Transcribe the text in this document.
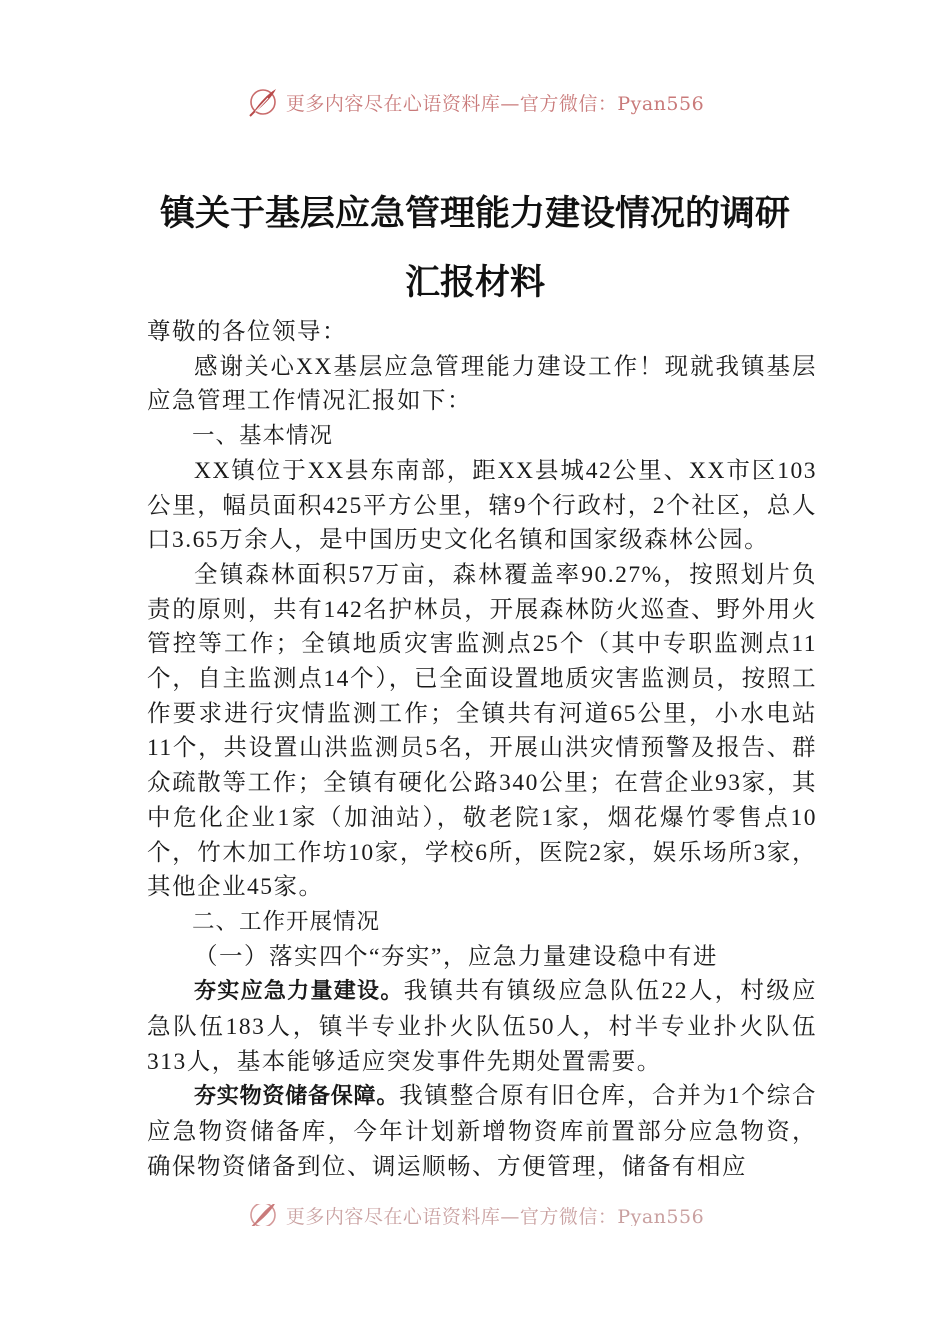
更多内容尽在心语资料库—官方微信：Pyan556
镇关于基层应急管理能力建设情况的调研
汇报材料

尊敬的各位领导：

感谢关心XX基层应急管理能力建设工作！现就我镇基层应急管理工作情况汇报如下：

一、基本情况

XX镇位于XX县东南部，距XX县城42公里、XX市区103公里，幅员面积425平方公里，辖9个行政村，2个社区，总人口3.65万余人，是中国历史文化名镇和国家级森林公园。

全镇森林面积57万亩，森林覆盖率90.27%，按照划片负责的原则，共有142名护林员，开展森林防火巡查、野外用火管控等工作；全镇地质灾害监测点25个（其中专职监测点11个，自主监测点14个），已全面设置地质灾害监测员，按照工作要求进行灾情监测工作；全镇共有河道65公里，小水电站11个，共设置山洪监测员5名，开展山洪灾情预警及报告、群众疏散等工作；全镇有硬化公路340公里；在营企业93家，其中危化企业1家（加油站），敬老院1家，烟花爆竹零售点10个，竹木加工作坊10家，学校6所，医院2家，娱乐场所3家，其他企业45家。

二、工作开展情况

（一）落实四个“夯实”，应急力量建设稳中有进

夯实应急力量建设。我镇共有镇级应急队伍22人，村级应急队伍183人，镇半专业扑火队伍50人，村半专业扑火队伍313人，基本能够适应突发事件先期处置需要。

夯实物资储备保障。我镇整合原有旧仓库，合并为1个综合应急物资储备库，今年计划新增物资库前置部分应急物资，确保物资储备到位、调运顺畅、方便管理，储备有相应

更多内容尽在心语资料库—官方微信：Pyan556
